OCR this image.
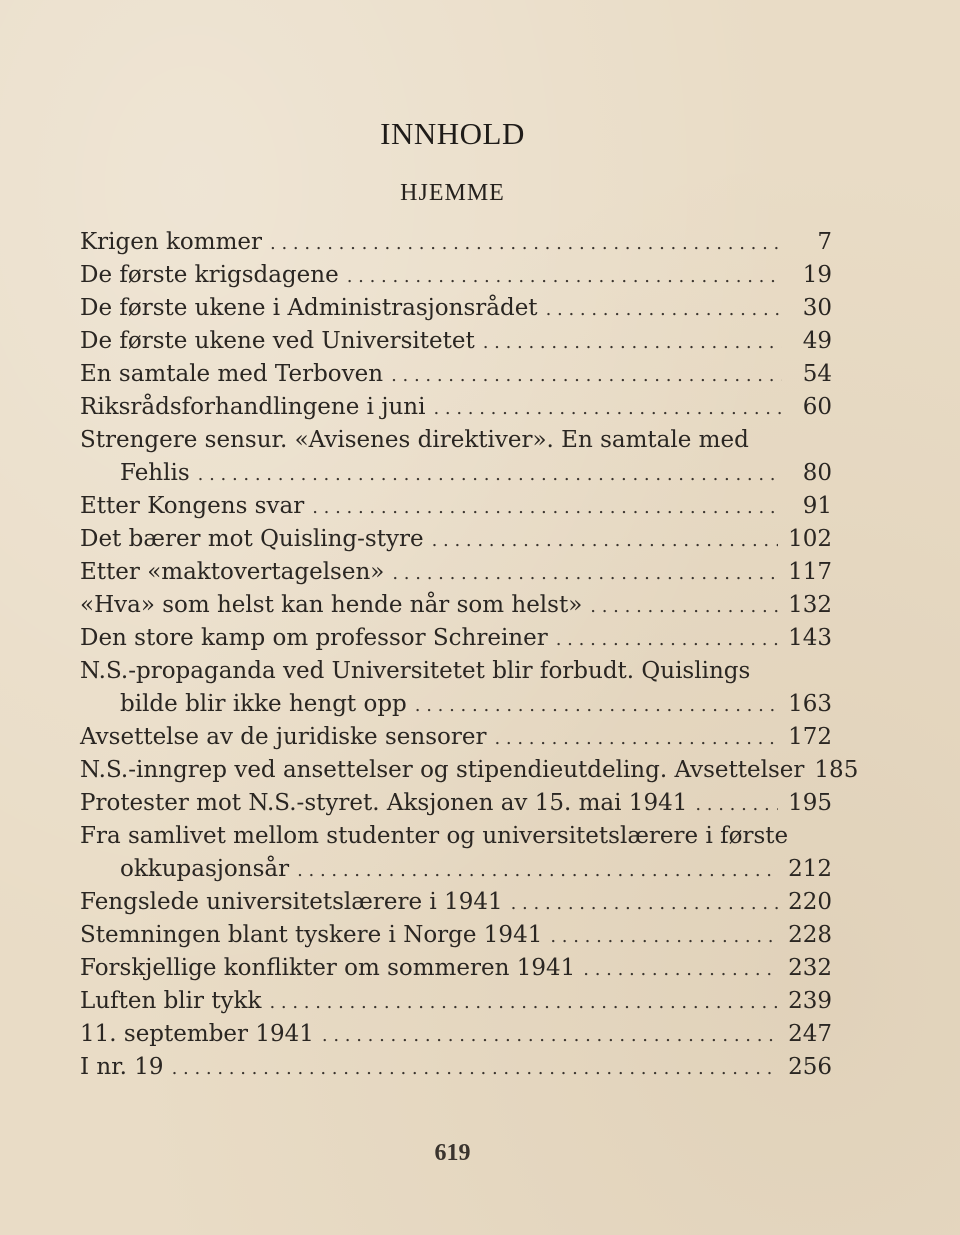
INNHOLD
HJEMME
Krigen kommer . . .	7
De første krigsdagene . . .	19
De første ukene i Administrasjonsrådet . . .	30
De første ukene ved Universitetet . . .	49
En samtale med Terboven . . .	54
Riksrådsforhandlingene i juni . . .	60
Strengere sensur. «Avisenes direktiver». En samtale med
Fehlis . . .	80
Etter Kongens svar . . .	91
Det bærer mot Quisling-styre . . .	102
Etter «maktovertagelsen» . . .	117
«Hva» som helst kan hende når som helst» . . .	132
Den store kamp om professor Schreiner . . .	143
N.S.-propaganda ved Universitetet blir forbudt. Quislings
bilde blir ikke hengt opp . . .	163
Avsettelse av de juridiske sensorer . . .	172
N.S.-inngrep ved ansettelser og stipendieutdeling. Avsettelser 185
Protester mot N.S.-styret. Aksjonen av 15. mai 1941 . . .	195
Fra samlivet mellom studenter og universitetslærere i første
okkupasjonsår . . .	212
Fengslede universitetslærere i 1941 . . .	220
Stemningen blant tyskere i Norge 1941 . . .	228
Forskjellige konflikter om sommeren 1941 . . .	232
Luften blir tykk . . .	239
11. september 1941 . . .	247
I nr. 19 . . .	256
619
